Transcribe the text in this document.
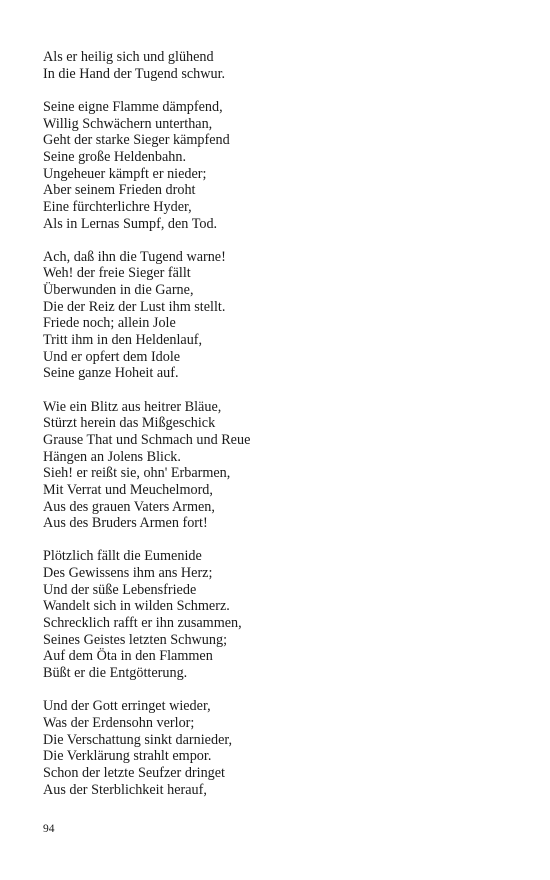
Als er heilig sich und glühend
In die Hand der Tugend schwur.
Seine eigne Flamme dämpfend,
Willig Schwächern unterthan,
Geht der starke Sieger kämpfend
Seine große Heldenbahn.
Ungeheuer kämpft er nieder;
Aber seinem Frieden droht
Eine fürchterlichre Hyder,
Als in Lernas Sumpf, den Tod.
Ach, daß ihn die Tugend warne!
Weh! der freie Sieger fällt
Überwunden in die Garne,
Die der Reiz der Lust ihm stellt.
Friede noch; allein Jole
Tritt ihm in den Heldenlauf,
Und er opfert dem Idole
Seine ganze Hoheit auf.
Wie ein Blitz aus heitrer Bläue,
Stürzt herein das Mißgeschick
Grause That und Schmach und Reue
Hängen an Jolens Blick.
Sieh! er reißt sie, ohn' Erbarmen,
Mit Verrat und Meuchelmord,
Aus des grauen Vaters Armen,
Aus des Bruders Armen fort!
Plötzlich fällt die Eumenide
Des Gewissens ihm ans Herz;
Und der süße Lebensfriede
Wandelt sich in wilden Schmerz.
Schrecklich rafft er ihn zusammen,
Seines Geistes letzten Schwung;
Auf dem Öta in den Flammen
Büßt er die Entgötterung.
Und der Gott erringet wieder,
Was der Erdensohn verlor;
Die Verschattung sinkt darnieder,
Die Verklärung strahlt empor.
Schon der letzte Seufzer dringet
Aus der Sterblichkeit herauf,
94
